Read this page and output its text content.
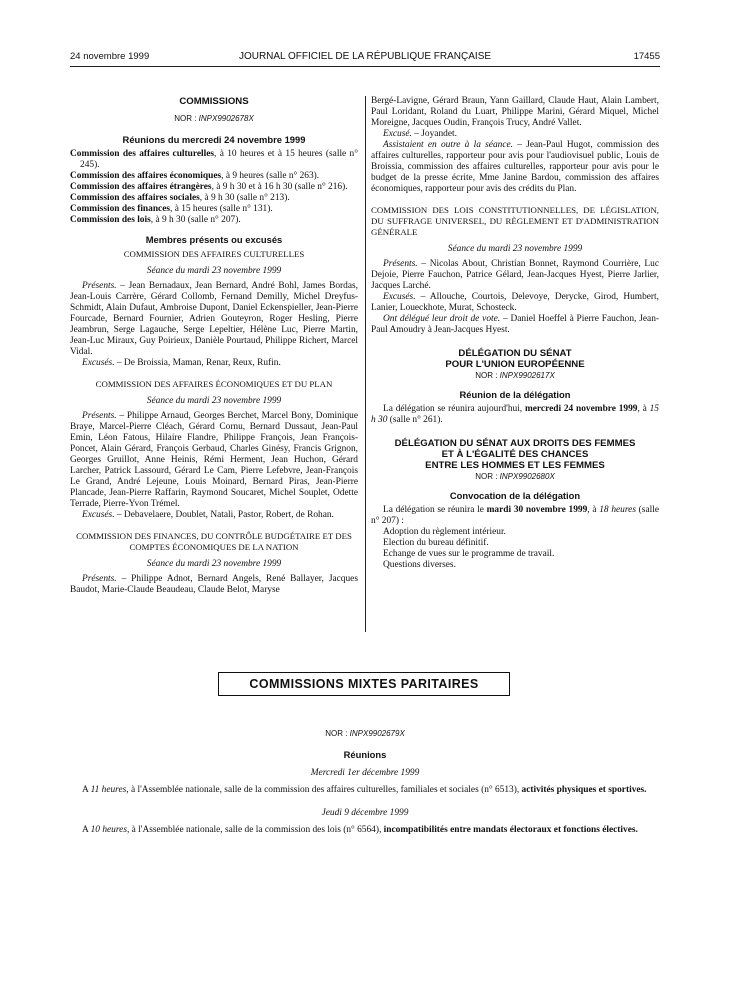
24 novembre 1999	JOURNAL OFFICIEL DE LA RÉPUBLIQUE FRANÇAISE	17455
COMMISSIONS
NOR : INPX9902678X
Réunions du mercredi 24 novembre 1999

Commission des affaires culturelles, à 10 heures et à 15 heures (salle n° 245).

Commission des affaires économiques, à 9 heures (salle n° 263).

Commission des affaires étrangères, à 9 h 30 et à 16 h 30 (salle n° 216).

Commission des affaires sociales, à 9 h 30 (salle n° 213).

Commission des finances, à 15 heures (salle n° 131).

Commission des lois, à 9 h 30 (salle n° 207).

Membres présents ou excusés
COMMISSION DES AFFAIRES CULTURELLES
Séance du mardi 23 novembre 1999

Présents. – Jean Bernadaux, Jean Bernard, André Bohl, James Bordas, Jean-Louis Carrère, Gérard Collomb, Fernand Demilly, Michel Dreyfus-Schmidt, Alain Dufaut, Ambroise Dupont, Daniel Eckenspieller, Jean-Pierre Fourcade, Bernard Fournier, Adrien Gouteyron, Roger Hesling, Pierre Jeambrun, Serge Lagauche, Serge Lepeltier, Hélène Luc, Pierre Martin, Jean-Luc Miraux, Guy Poirieux, Danièle Pourtaud, Philippe Richert, Marcel Vidal.

Excusés. – De Broissia, Maman, Renar, Reux, Rufin.

COMMISSION DES AFFAIRES ÉCONOMIQUES ET DU PLAN
Séance du mardi 23 novembre 1999

Présents. – Philippe Arnaud, Georges Berchet, Marcel Bony, Dominique Braye, Marcel-Pierre Cléach, Gérard Cornu, Bernard Dussaut, Jean-Paul Emin, Léon Fatous, Hilaire Flandre, Philippe François, Jean François-Poncet, Alain Gérard, François Gerbaud, Charles Ginésy, Francis Grignon, Georges Gruillot, Anne Heinis, Rémi Herment, Jean Huchon, Gérard Larcher, Patrick Lassourd, Gérard Le Cam, Pierre Lefebvre, Jean-François Le Grand, André Lejeune, Louis Moinard, Bernard Piras, Jean-Pierre Plancade, Jean-Pierre Raffarin, Raymond Soucaret, Michel Souplet, Odette Terrade, Pierre-Yvon Trémel.

Excusés. – Debavelaere, Doublet, Natali, Pastor, Robert, de Rohan.

COMMISSION DES FINANCES, DU CONTRÔLE BUDGÉTAIRE ET DES COMPTES ÉCONOMIQUES DE LA NATION
Séance du mardi 23 novembre 1999

Présents. – Philippe Adnot, Bernard Angels, René Ballayer, Jacques Baudot, Marie-Claude Beaudeau, Claude Belot, Maryse

Bergé-Lavigne, Gérard Braun, Yann Gaillard, Claude Haut, Alain Lambert, Paul Loridant, Roland du Luart, Philippe Marini, Gérard Miquel, Michel Moreigne, Jacques Oudin, François Trucy, André Vallet.

Excusé. – Joyandet.

Assistaient en outre à la séance. – Jean-Paul Hugot, commission des affaires culturelles, rapporteur pour avis pour l'audiovisuel public, Louis de Broissia, commission des affaires culturelles, rapporteur pour avis pour le budget de la presse écrite, Mme Janine Bardou, commission des affaires économiques, rapporteur pour avis des crédits du Plan.

COMMISSION DES LOIS CONSTITUTIONNELLES, DE LÉGISLATION, DU SUFFRAGE UNIVERSEL, DU RÈGLEMENT ET D'ADMINISTRATION GÉNÉRALE
Séance du mardi 23 novembre 1999

Présents. – Nicolas About, Christian Bonnet, Raymond Courrière, Luc Dejoie, Pierre Fauchon, Patrice Gélard, Jean-Jacques Hyest, Pierre Jarlier, Jacques Larché.

Excusés. – Allouche, Courtois, Delevoye, Derycke, Girod, Humbert, Lanier, Loueckhote, Murat, Schosteck.

Ont délégué leur droit de vote. – Daniel Hoeffel à Pierre Fauchon, Jean-Paul Amoudry à Jean-Jacques Hyest.

DÉLÉGATION DU SÉNAT
POUR L'UNION EUROPÉENNE
NOR : INPX9902617X
Réunion de la délégation

La délégation se réunira aujourd'hui, mercredi 24 novembre 1999, à 15 h 30 (salle n° 261).

DÉLÉGATION DU SÉNAT AUX DROITS DES FEMMES
ET À L'ÉGALITÉ DES CHANCES
ENTRE LES HOMMES ET LES FEMMES
NOR : INPX9902680X
Convocation de la délégation

La délégation se réunira le mardi 30 novembre 1999, à 18 heures (salle n° 207) :

Adoption du règlement intérieur.
Election du bureau définitif.
Echange de vues sur le programme de travail.
Questions diverses.
COMMISSIONS MIXTES PARITAIRES
NOR : INPX9902679X
Réunions
Mercredi 1er décembre 1999

A 11 heures, à l'Assemblée nationale, salle de la commission des affaires culturelles, familiales et sociales (n° 6513), activités physiques et sportives.

Jeudi 9 décembre 1999

A 10 heures, à l'Assemblée nationale, salle de la commission des lois (n° 6564), incompatibilités entre mandats électoraux et fonctions électives.
